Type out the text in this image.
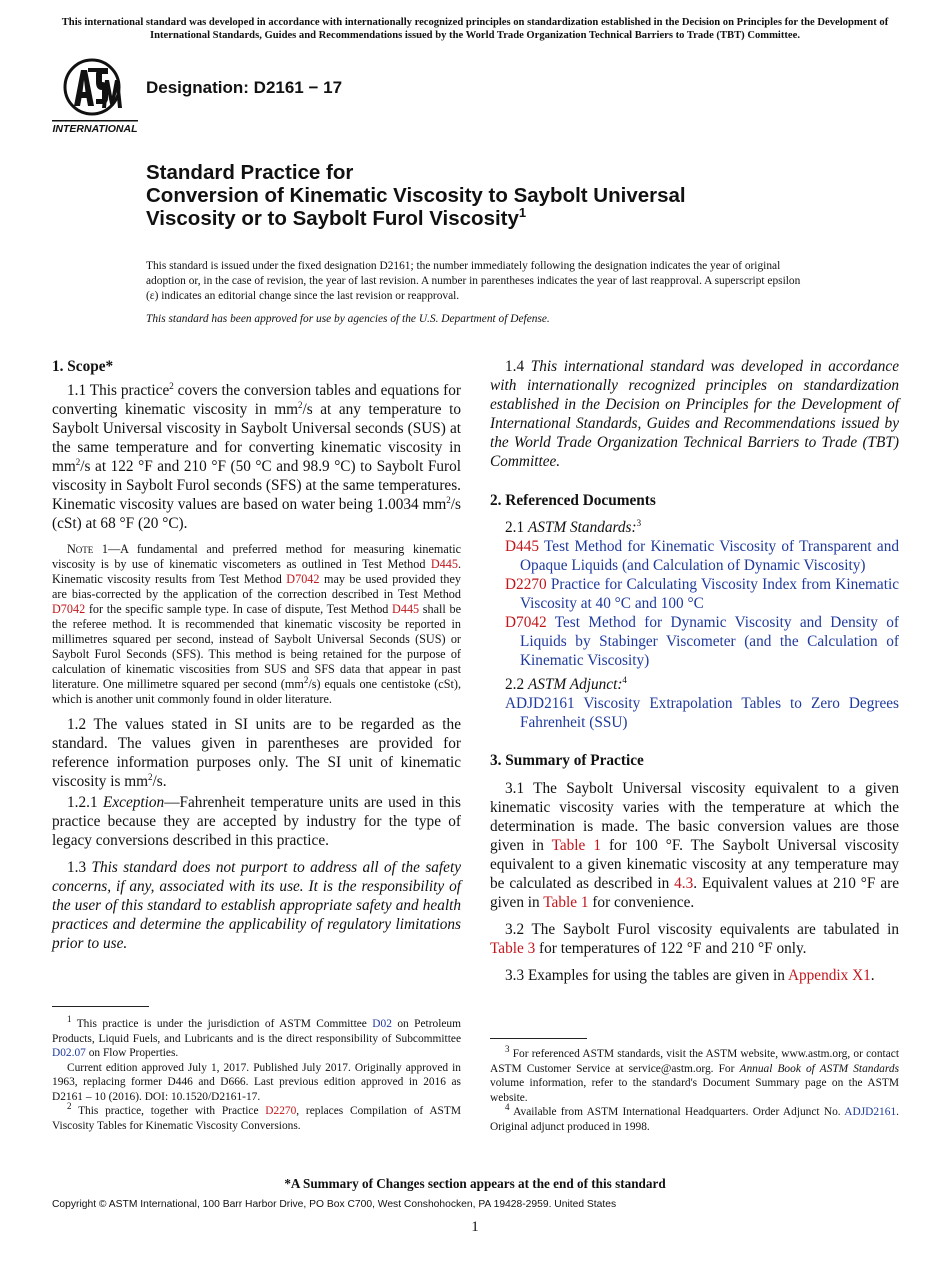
This international standard was developed in accordance with internationally recognized principles on standardization established in the Decision on Principles for the Development of International Standards, Guides and Recommendations issued by the World Trade Organization Technical Barriers to Trade (TBT) Committee.
INTERNATIONAL
Designation: D2161 − 17
Standard Practice for
Conversion of Kinematic Viscosity to Saybolt Universal
Viscosity or to Saybolt Furol Viscosity$^1$
This standard is issued under the fixed designation D2161; the number immediately following the designation indicates the year of original adoption or, in the case of revision, the year of last revision. A number in parentheses indicates the year of last reapproval. A superscript epsilon (ε) indicates an editorial change since the last revision or reapproval.
This standard has been approved for use by agencies of the U.S. Department of Defense.
1. Scope*

1.1 This practice$^2$ covers the conversion tables and equations for converting kinematic viscosity in $mm^2/s$ at any temperature to Saybolt Universal viscosity in Saybolt Universal seconds (SUS) at the same temperature and for converting kinematic viscosity in $mm^2/s$ at 122 °F and 210 °F (50 °C and 98.9 °C) to Saybolt Furol viscosity in Saybolt Furol seconds (SFS) at the same temperatures. Kinematic viscosity values are based on water being 1.0034 $mm^2/s$ (cSt) at 68 °F (20 °C).

Note 1—A fundamental and preferred method for measuring kinematic viscosity is by use of kinematic viscometers as outlined in Test Method D445. Kinematic viscosity results from Test Method D7042 may be used provided they are bias-corrected by the application of the correction described in Test Method D7042 for the specific sample type. In case of dispute, Test Method D445 shall be the referee method. It is recommended that kinematic viscosity be reported in millimetres squared per second, instead of Saybolt Universal Seconds (SUS) or Saybolt Furol Seconds (SFS). This method is being retained for the purpose of calculation of kinematic viscosities from SUS and SFS data that appear in past literature. One millimetre squared per second $(mm^2/s)$ equals one centistoke (cSt), which is another unit commonly found in older literature.

1.2 The values stated in SI units are to be regarded as the standard. The values given in parentheses are provided for reference information purposes only. The SI unit of kinematic viscosity is $mm^2/s$.

1.2.1 Exception—Fahrenheit temperature units are used in this practice because they are accepted by industry for the type of legacy conversions described in this practice.

1.3 This standard does not purport to address all of the safety concerns, if any, associated with its use. It is the responsibility of the user of this standard to establish appropriate safety and health practices and determine the applicability of regulatory limitations prior to use.

$^1$ This practice is under the jurisdiction of ASTM Committee D02 on Petroleum Products, Liquid Fuels, and Lubricants and is the direct responsibility of Subcommittee D02.07 on Flow Properties.
Current edition approved July 1, 2017. Published July 2017. Originally approved in 1963, replacing former D446 and D666. Last previous edition approved in 2016 as D2161 – 10 (2016). DOI: 10.1520/D2161-17.
$^2$ This practice, together with Practice D2270, replaces Compilation of ASTM Viscosity Tables for Kinematic Viscosity Conversions.

1.4 This international standard was developed in accordance with internationally recognized principles on standardization established in the Decision on Principles for the Development of International Standards, Guides and Recommendations issued by the World Trade Organization Technical Barriers to Trade (TBT) Committee.

2. Referenced Documents

2.1 ASTM Standards:$^3$

D445 Test Method for Kinematic Viscosity of Transparent and Opaque Liquids (and Calculation of Dynamic Viscosity)
D2270 Practice for Calculating Viscosity Index from Kinematic Viscosity at 40 °C and 100 °C
D7042 Test Method for Dynamic Viscosity and Density of Liquids by Stabinger Viscometer (and the Calculation of Kinematic Viscosity)

2.2 ASTM Adjunct:$^4$

ADJD2161 Viscosity Extrapolation Tables to Zero Degrees Fahrenheit (SSU)
3. Summary of Practice

3.1 The Saybolt Universal viscosity equivalent to a given kinematic viscosity varies with the temperature at which the determination is made. The basic conversion values are those given in Table 1 for 100 °F. The Saybolt Universal viscosity equivalent to a given kinematic viscosity at any temperature may be calculated as described in 4.3. Equivalent values at 210 °F are given in Table 1 for convenience.

3.2 The Saybolt Furol viscosity equivalents are tabulated in Table 3 for temperatures of 122 °F and 210 °F only.

3.3 Examples for using the tables are given in Appendix X1.

$^3$ For referenced ASTM standards, visit the ASTM website, www.astm.org, or contact ASTM Customer Service at service@astm.org. For Annual Book of ASTM Standards volume information, refer to the standard's Document Summary page on the ASTM website.
$^4$ Available from ASTM International Headquarters. Order Adjunct No. ADJD2161. Original adjunct produced in 1998.
*A Summary of Changes section appears at the end of this standard
Copyright © ASTM International, 100 Barr Harbor Drive, PO Box C700, West Conshohocken, PA 19428-2959. United States
1
